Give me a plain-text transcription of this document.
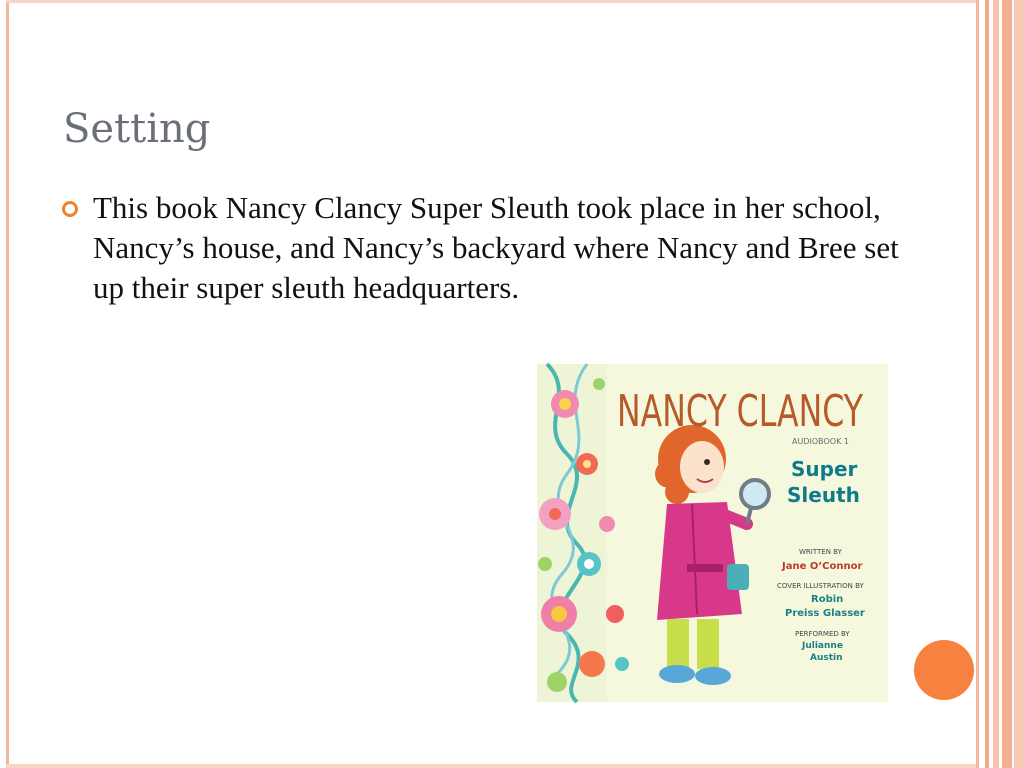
Setting

This book Nancy Clancy Super Sleuth took place in her school, Nancy’s house, and Nancy’s backyard where Nancy and Bree set up their super sleuth headquarters.

NANCY CLANCY
AUDIOBOOK 1
Super
Sleuth
WRITTEN BY
Jane O’Connor
COVER ILLUSTRATION BY
Robin
Preiss Glasser
PERFORMED BY
Julianne
Austin
